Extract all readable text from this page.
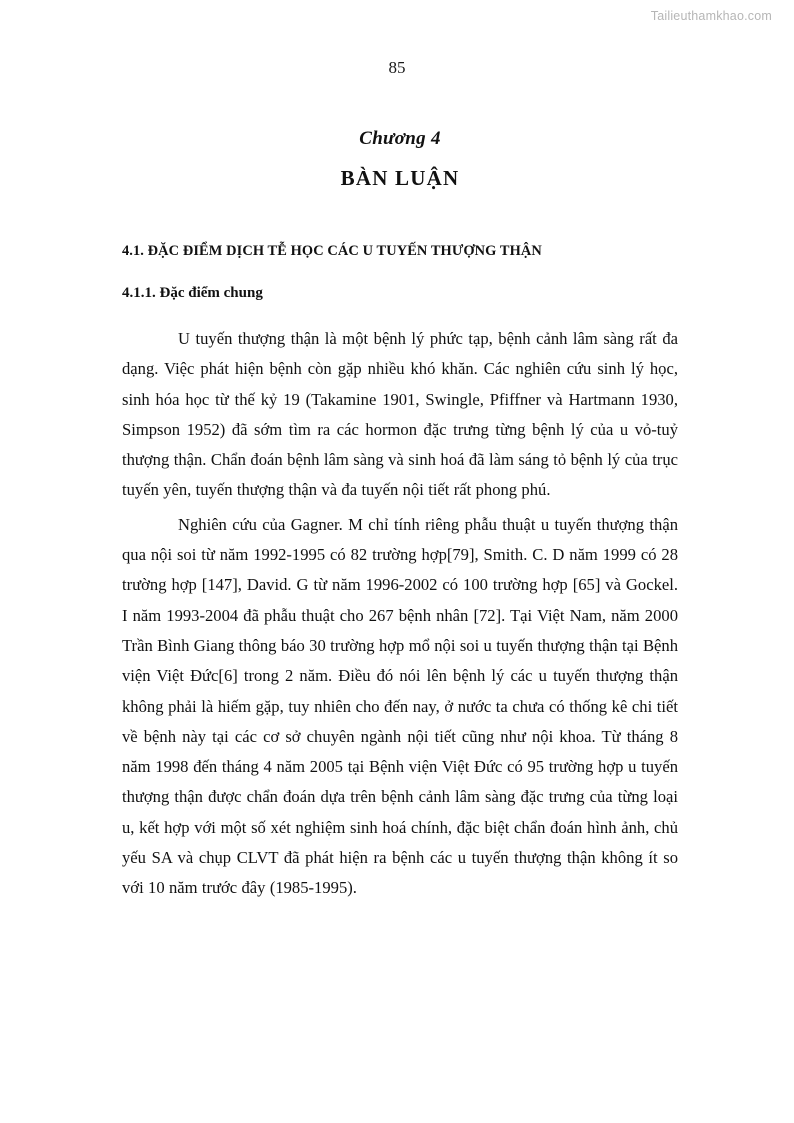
Tailieuthamkhao.com
85
Chương 4
BÀN LUẬN
4.1. ĐẶC ĐIỂM DỊCH TỄ HỌC CÁC U TUYẾN THƯỢNG THẬN
4.1.1. Đặc điểm chung

U tuyến thượng thận là một bệnh lý phức tạp, bệnh cảnh lâm sàng rất đa dạng. Việc phát hiện bệnh còn gặp nhiều khó khăn. Các nghiên cứu sinh lý học, sinh hóa học từ thế kỷ 19 (Takamine 1901, Swingle, Pfiffner và Hartmann 1930, Simpson 1952) đã sớm tìm ra các hormon đặc trưng từng bệnh lý của u vỏ-tuỷ thượng thận. Chẩn đoán bệnh lâm sàng và sinh hoá đã làm sáng tỏ bệnh lý của trục tuyến yên, tuyến thượng thận và đa tuyến nội tiết rất phong phú.

Nghiên cứu của Gagner. M chỉ tính riêng phẫu thuật u tuyến thượng thận qua nội soi từ năm 1992-1995 có 82 trường hợp[79], Smith. C. D năm 1999 có 28 trường hợp [147], David. G từ năm 1996-2002 có 100 trường hợp [65] và Gockel. I năm 1993-2004 đã phẫu thuật cho 267 bệnh nhân [72]. Tại Việt Nam, năm 2000 Trần Bình Giang thông báo 30 trường hợp mổ nội soi u tuyến thượng thận tại Bệnh viện Việt Đức[6] trong 2 năm. Điều đó nói lên bệnh lý các u tuyến thượng thận không phải là hiếm gặp, tuy nhiên cho đến nay, ở nước ta chưa có thống kê chi tiết về bệnh này tại các cơ sở chuyên ngành nội tiết cũng như nội khoa. Từ tháng 8 năm 1998 đến tháng 4 năm 2005 tại Bệnh viện Việt Đức có 95 trường hợp u tuyến thượng thận được chẩn đoán dựa trên bệnh cảnh lâm sàng đặc trưng của từng loại u, kết hợp với một số xét nghiệm sinh hoá chính, đặc biệt chẩn đoán hình ảnh, chủ yếu SA và chụp CLVT đã phát hiện ra bệnh các u tuyến thượng thận không ít so với 10 năm trước đây (1985-1995).
